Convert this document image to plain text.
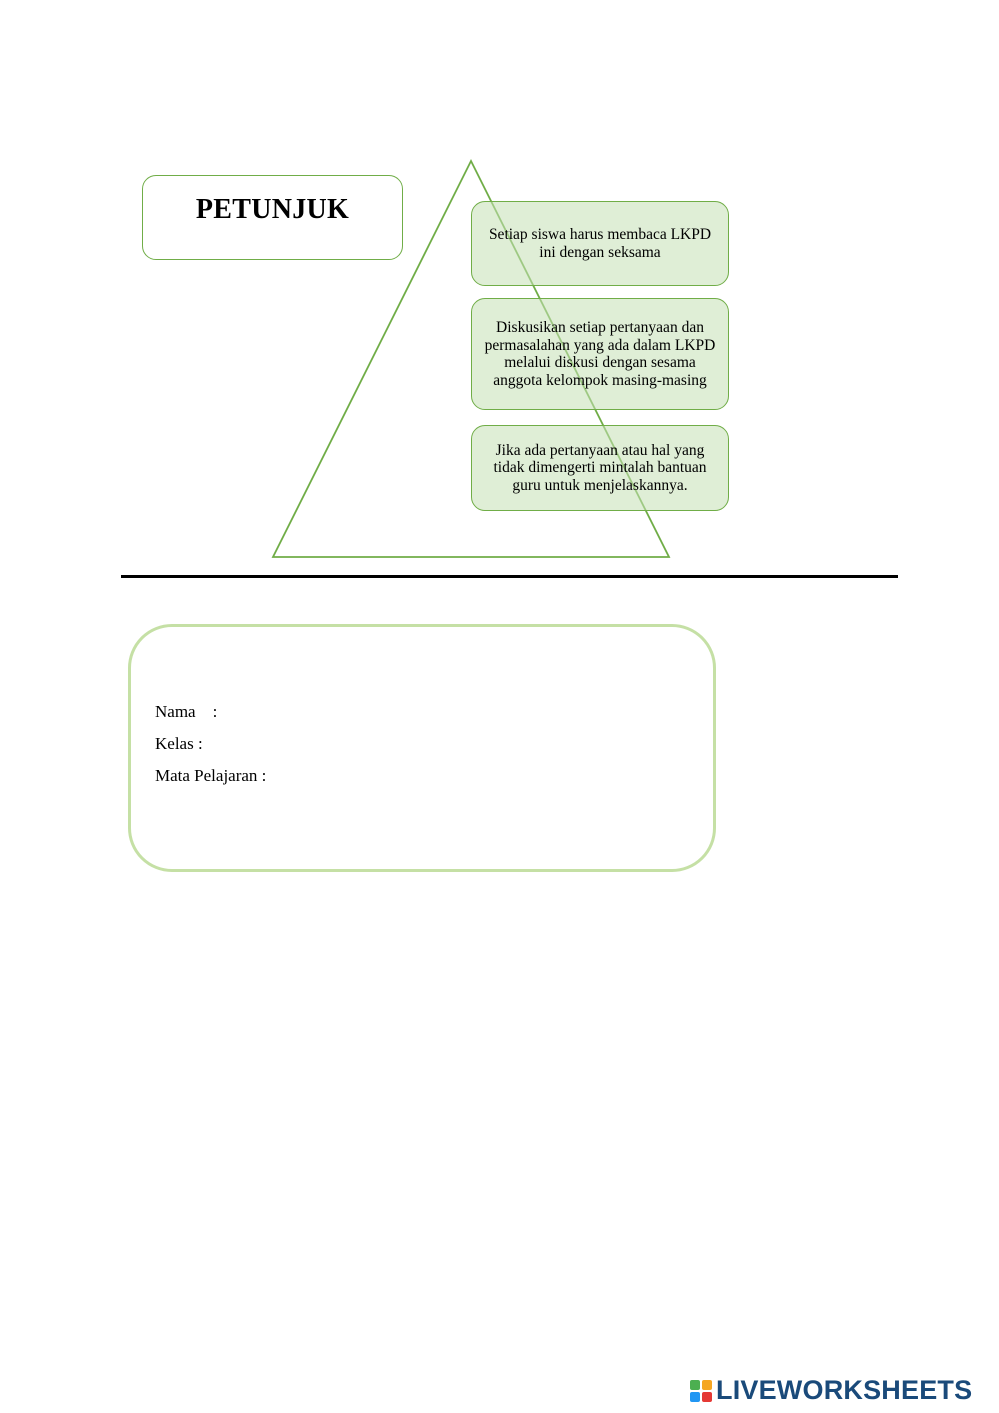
PETUNJUK
Setiap siswa harus membaca LKPD ini dengan seksama
Diskusikan setiap pertanyaan dan permasalahan yang ada dalam LKPD melalui diskusi dengan sesama anggota kelompok masing-masing
Jika ada pertanyaan atau hal yang tidak dimengerti mintalah bantuan guru untuk menjelaskannya.
Nama    :
Kelas :
Mata Pelajaran :
LIVEWORKSHEETS
